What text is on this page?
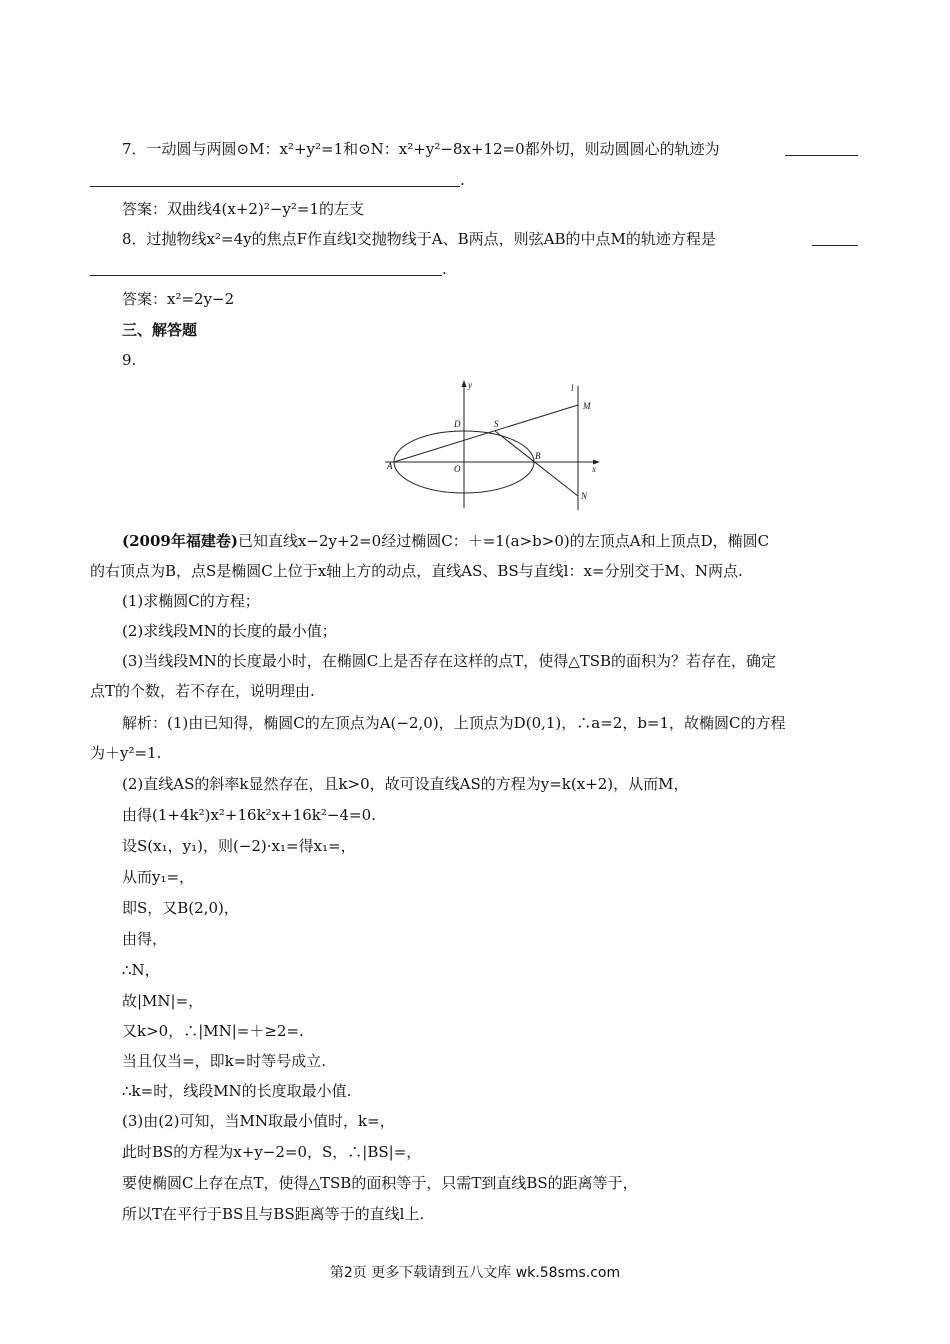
7．一动圆与两圆⊙M：x²+y²=1和⊙N：x²+y²−8x+12=0都外切，则动圆圆心的轨迹为
.
答案：双曲线4(x+2)²−y²=1的左支
8．过抛物线x²=4y的焦点F作直线l交抛物线于A、B两点，则弦AB的中点M的轨迹方程是
.
答案：x²=2y−2
三、解答题
9.
y
x
l
M
D	S
A	O
B
N
(2009年福建卷)已知直线x−2y+2=0经过椭圆C：＋=1(a>b>0)的左顶点A和上顶点D，椭圆C
的右顶点为B，点S是椭圆C上位于x轴上方的动点，直线AS、BS与直线l：x=分别交于M、N两点.
(1)求椭圆C的方程；
(2)求线段MN的长度的最小值；
(3)当线段MN的长度最小时，在椭圆C上是否存在这样的点T，使得△TSB的面积为？若存在，确定
点T的个数，若不存在，说明理由.
解析：(1)由已知得，椭圆C的左顶点为A(−2,0)，上顶点为D(0,1)，∴a=2，b=1，故椭圆C的方程
为＋y²=1.
(2)直线AS的斜率k显然存在，且k>0，故可设直线AS的方程为y=k(x+2)，从而M，
由得(1+4k²)x²+16k²x+16k²−4=0.
设S(x₁，y₁)，则(−2)·x₁=得x₁=，
从而y₁=，
即S，又B(2,0)，
由得，
∴N，
故|MN|=，
又k>0，∴|MN|=＋≥2=.
当且仅当=，即k=时等号成立.
∴k=时，线段MN的长度取最小值.
(3)由(2)可知，当MN取最小值时，k=，
此时BS的方程为x+y−2=0，S，∴|BS|=，
要使椭圆C上存在点T，使得△TSB的面积等于，只需T到直线BS的距离等于，
所以T在平行于BS且与BS距离等于的直线l上.
第2页 更多下载请到五八文库 wk.58sms.com
